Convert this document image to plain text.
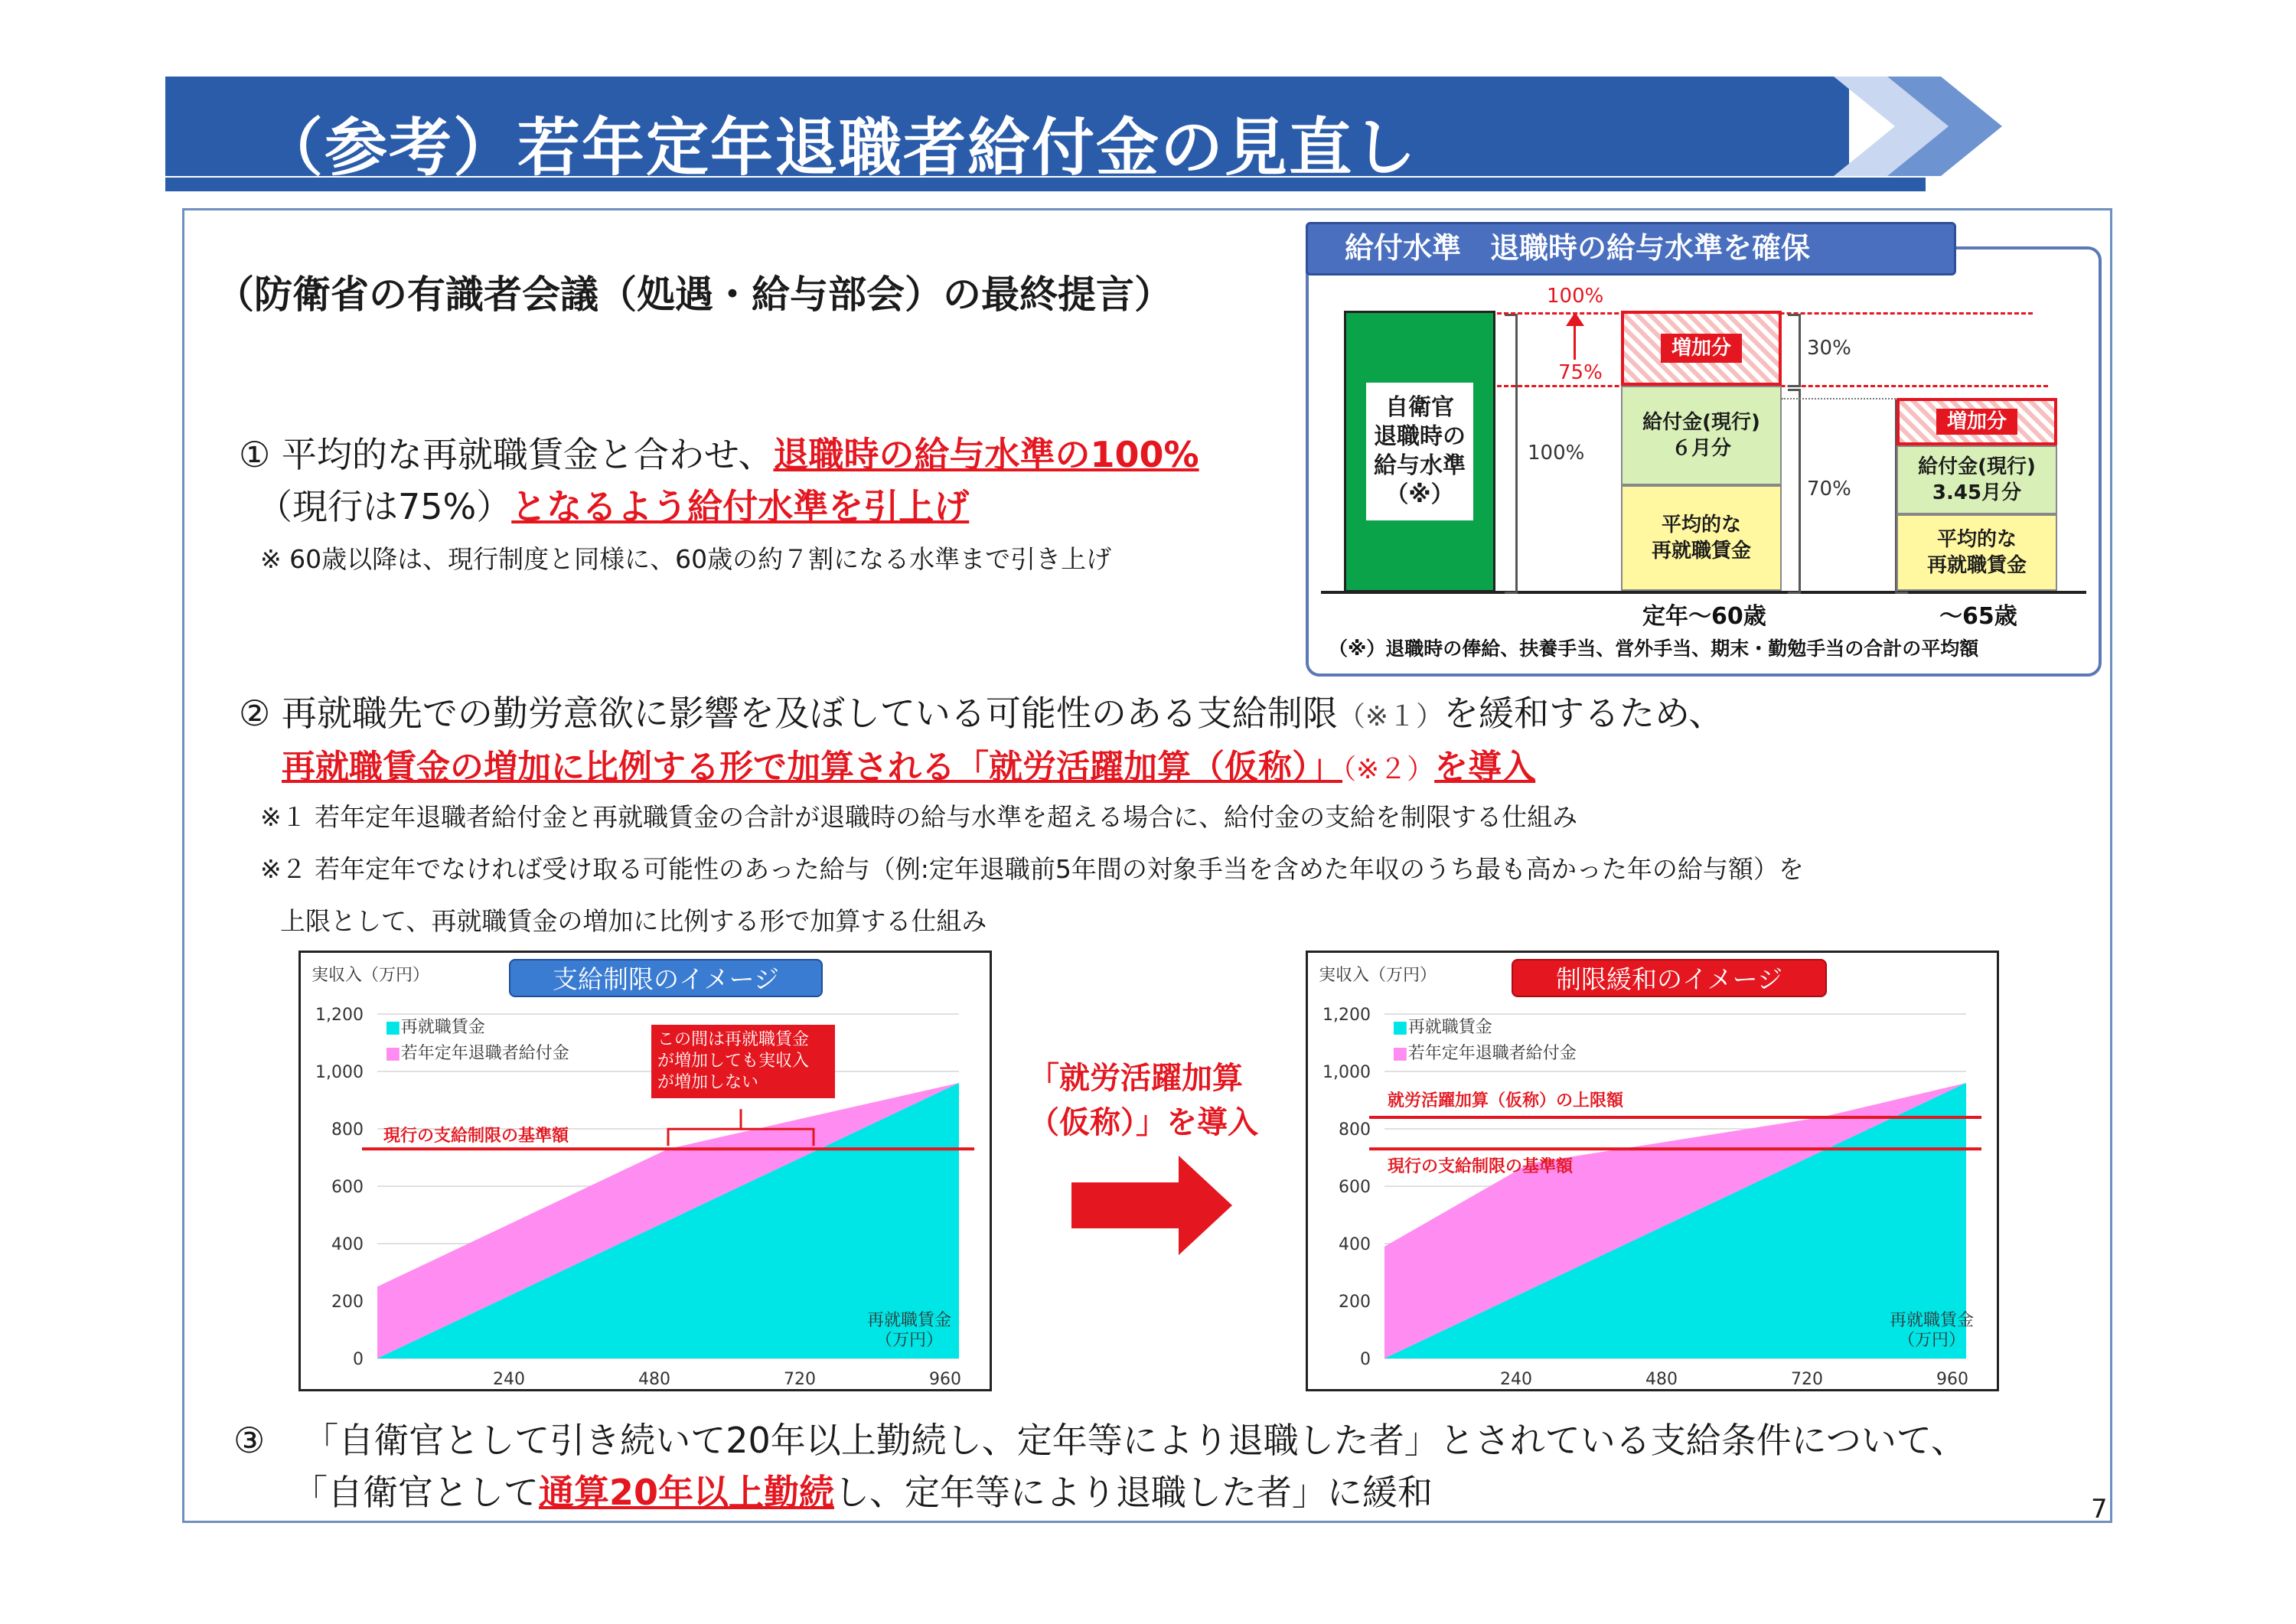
（参考）若年定年退職者給付金の見直し
（防衛省の有識者会議（処遇・給与部会）の最終提言）
① 平均的な再就職賃金と合わせ、退職時の給与水準の100%
（現行は75%）となるよう給付水準を引上げ
※ 60歳以降は、現行制度と同様に、60歳の約７割になる水準まで引き上げ
給付水準　退職時の給与水準を確保
自衛官
退職時の
給与水準
（※）
100%
100%
75%
増加分
給付金(現行)
６月分
平均的な
再就職賃金
30%
70%
増加分
給付金(現行)
3.45月分
平均的な
再就職賃金
定年～60歳	～65歳
（※）退職時の俸給、扶養手当、営外手当、期末・勤勉手当の合計の平均額
② 再就職先での勤労意欲に影響を及ぼしている可能性のある支給制限（※１）を緩和するため、
再就職賃金の増加に比例する形で加算される「就労活躍加算（仮称）」（※２）を導入
※１ 若年定年退職者給付金と再就職賃金の合計が退職時の給与水準を超える場合に、給付金の支給を制限する仕組み
※２ 若年定年でなければ受け取る可能性のあった給与（例:定年退職前5年間の対象手当を含めた年収のうち最も高かった年の給与額）を
上限として、再就職賃金の増加に比例する形で加算する仕組み
0
200
400
600
800
1,000
1,200
240	480	720	960
実収入（万円）	支給制限のイメージ
再就職賃金
（万円）
■再就職賃金
■若年定年退職者給付金
現行の支給制限の基準額
この間は再就職賃金
が増加しても実収入
が増加しない	「就労活躍加算
（仮称）」を導入
0
200
400
600
800
1,000
1,200
240	480	720	960
実収入（万円）	制限緩和のイメージ
再就職賃金
（万円）
■再就職賃金
■若年定年退職者給付金
就労活躍加算（仮称）の上限額
現行の支給制限の基準額
③ 「自衛官として引き続いて20年以上勤続し、定年等により退職した者」とされている支給条件について、
「自衛官として通算20年以上勤続し、定年等により退職した者」に緩和	7
